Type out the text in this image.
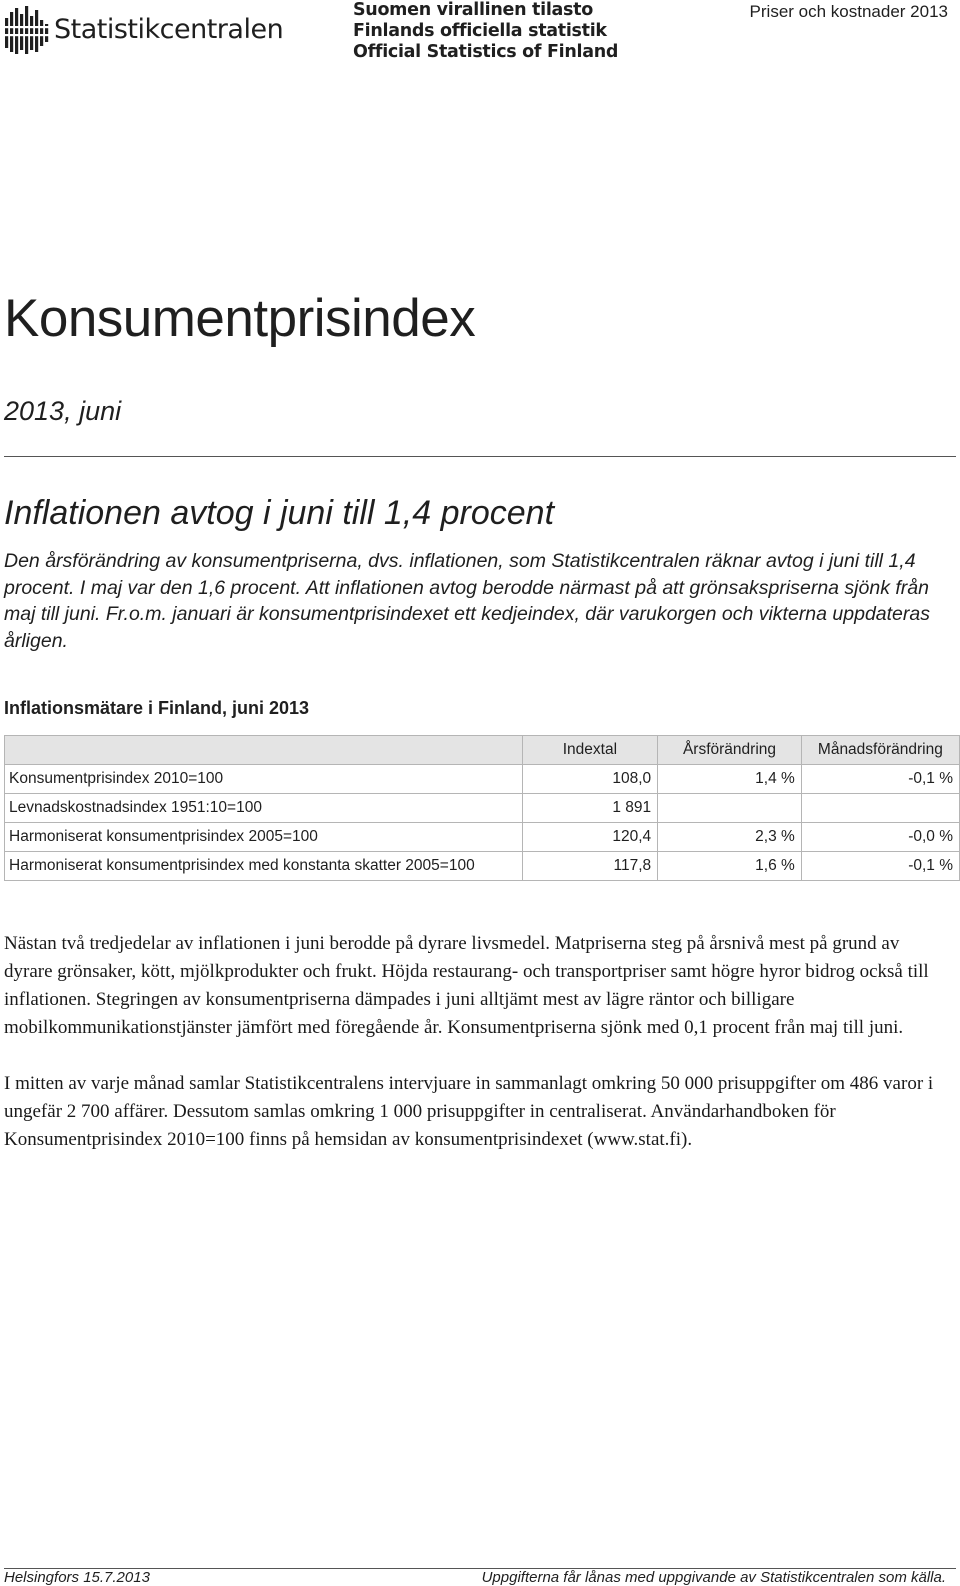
Statistikcentralen
Suomen virallinen tilasto
Finlands officiella statistik
Official Statistics of Finland
Priser och kostnader 2013
Konsumentprisindex
2013, juni
Inflationen avtog i juni till 1,4 procent

Den årsförändring av konsumentpriserna, dvs. inflationen, som Statistikcentralen räknar avtog i juni till 1,4 procent. I maj var den 1,6 procent. Att inflationen avtog berodde närmast på att grönsakspriserna sjönk från maj till juni. Fr.o.m. januari är konsumentprisindexet ett kedjeindex, där varukorgen och vikterna uppdateras årligen.

Inflationsmätare i Finland, juni 2013
	Indextal	Årsförändring	Månadsförändring
Konsumentprisindex 2010=100	108,0	1,4 %	-0,1 %
Levnadskostnadsindex 1951:10=100	1 891		
Harmoniserat konsumentprisindex 2005=100	120,4	2,3 %	-0,0 %
Harmoniserat konsumentprisindex med konstanta skatter 2005=100	117,8	1,6 %	-0,1 %

Nästan två tredjedelar av inflationen i juni berodde på dyrare livsmedel. Matpriserna steg på årsnivå mest på grund av dyrare grönsaker, kött, mjölkprodukter och frukt. Höjda restaurang- och transportpriser samt högre hyror bidrog också till inflationen. Stegringen av konsumentpriserna dämpades i juni alltjämt mest av lägre räntor och billigare mobilkommunikationstjänster jämfört med föregående år. Konsumentpriserna sjönk med 0,1 procent från maj till juni.

I mitten av varje månad samlar Statistikcentralens intervjuare in sammanlagt omkring 50 000 prisuppgifter om 486 varor i ungefär 2 700 affärer. Dessutom samlas omkring 1 000 prisuppgifter in centraliserat. Användarhandboken för Konsumentprisindex 2010=100 finns på hemsidan av konsumentprisindexet (www.stat.fi).

Helsingfors 15.7.2013	Uppgifterna får lånas med uppgivande av Statistikcentralen som källa.
